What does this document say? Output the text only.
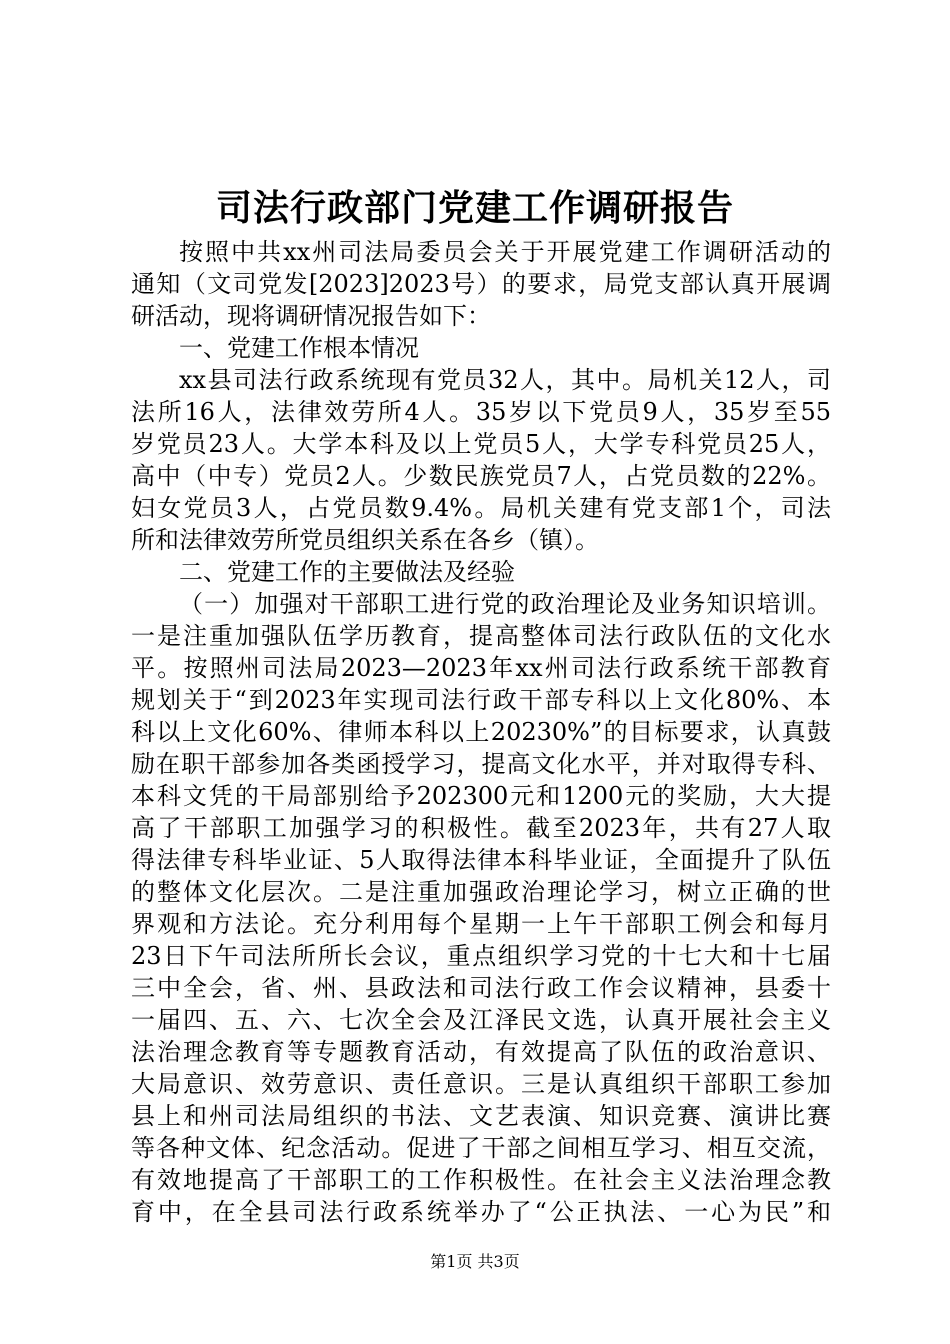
司法行政部门党建工作调研报告
按照中共xx州司法局委员会关于开展党建工作调研活动的
通知（文司党发[2023]2023号）的要求，局党支部认真开展调
研活动，现将调研情况报告如下：
一、党建工作根本情况
xx县司法行政系统现有党员32人，其中。局机关12人，司
法所16人，法律效劳所4人。35岁以下党员9人，35岁至55
岁党员23人。大学本科及以上党员5人，大学专科党员25人，
高中（中专）党员2人。少数民族党员7人，占党员数的22%。
妇女党员3人，占党员数9.4%。局机关建有党支部1个，司法
所和法律效劳所党员组织关系在各乡（镇）。
二、党建工作的主要做法及经验
（一）加强对干部职工进行党的政治理论及业务知识培训。
一是注重加强队伍学历教育，提高整体司法行政队伍的文化水
平。按照州司法局2023—2023年xx州司法行政系统干部教育
规划关于“到2023年实现司法行政干部专科以上文化80%、本
科以上文化60%、律师本科以上20230%”的目标要求，认真鼓
励在职干部参加各类函授学习，提高文化水平，并对取得专科、
本科文凭的干局部别给予202300元和1200元的奖励，大大提
高了干部职工加强学习的积极性。截至2023年，共有27人取
得法律专科毕业证、5人取得法律本科毕业证，全面提升了队伍
的整体文化层次。二是注重加强政治理论学习，树立正确的世
界观和方法论。充分利用每个星期一上午干部职工例会和每月
23日下午司法所所长会议，重点组织学习党的十七大和十七届
三中全会，省、州、县政法和司法行政工作会议精神，县委十
一届四、五、六、七次全会及江泽民文选，认真开展社会主义
法治理念教育等专题教育活动，有效提高了队伍的政治意识、
大局意识、效劳意识、责任意识。三是认真组织干部职工参加
县上和州司法局组织的书法、文艺表演、知识竞赛、演讲比赛
等各种文体、纪念活动。促进了干部之间相互学习、相互交流，
有效地提高了干部职工的工作积极性。在社会主义法治理念教
育中，在全县司法行政系统举办了“公正执法、一心为民”和
第1页 共3页
